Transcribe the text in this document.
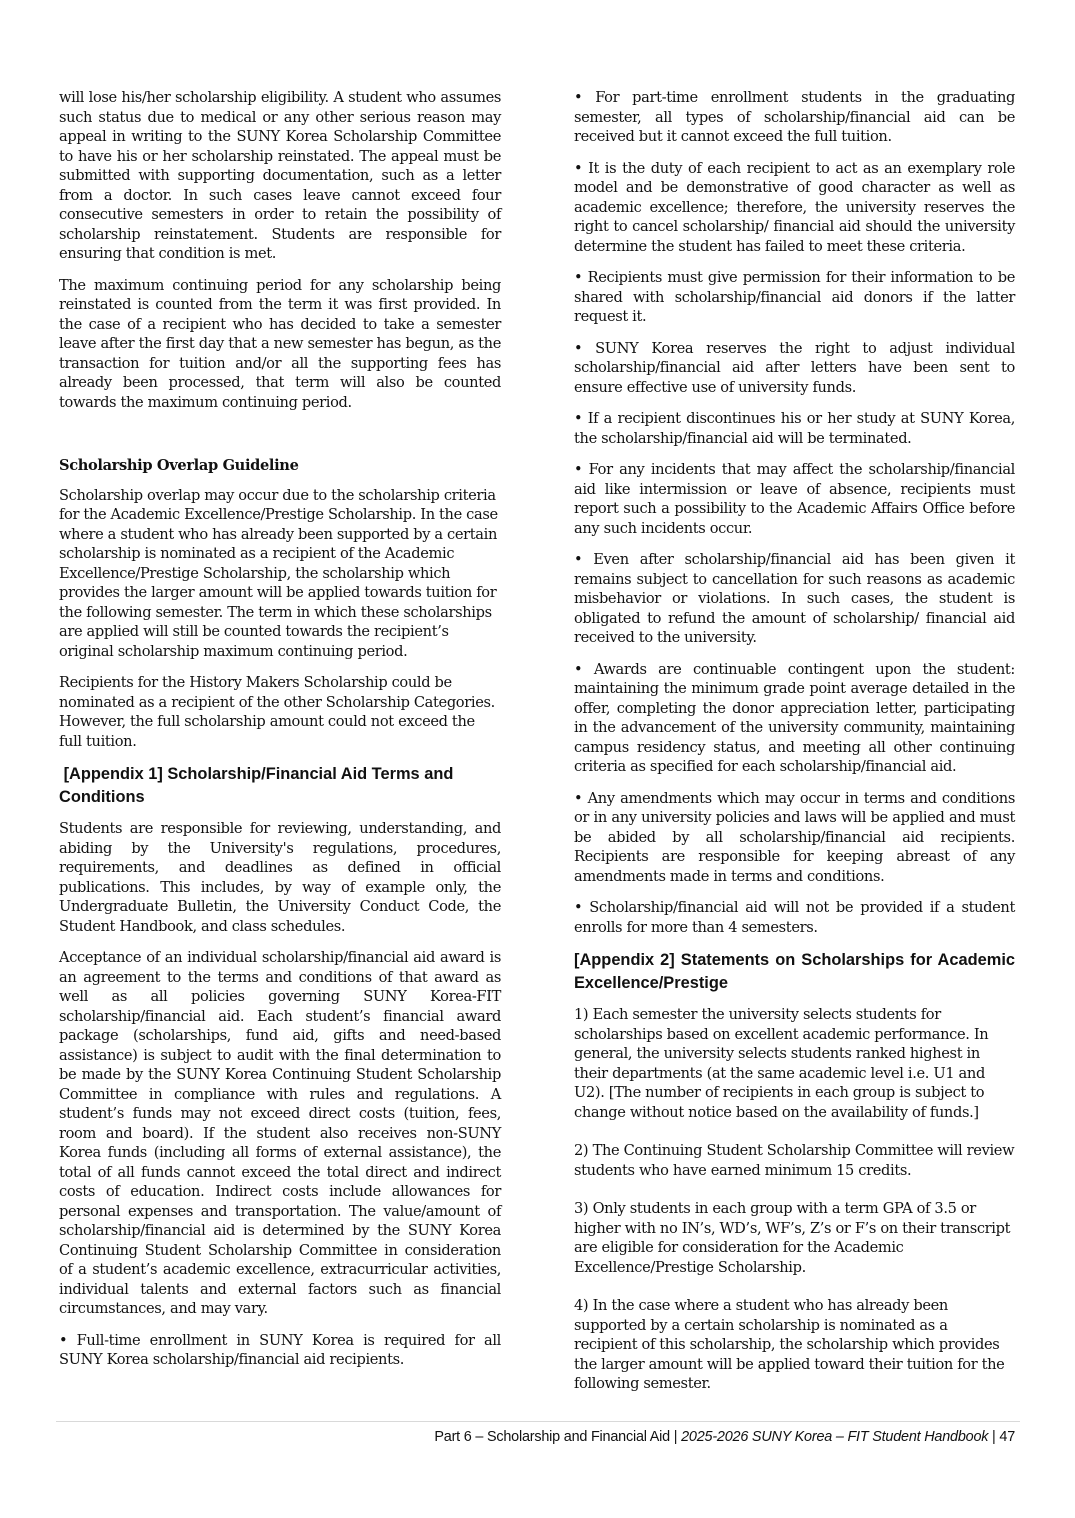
will lose his/her scholarship eligibility. A student who assumes such status due to medical or any other serious reason may appeal in writing to the SUNY Korea Scholarship Committee to have his or her scholarship reinstated. The appeal must be submitted with supporting documentation, such as a letter from a doctor. In such cases leave cannot exceed four consecutive semesters in order to retain the possibility of scholarship reinstatement. Students are responsible for ensuring that condition is met.

The maximum continuing period for any scholarship being reinstated is counted from the term it was first provided. In the case of a recipient who has decided to take a semester leave after the first day that a new semester has begun, as the transaction for tuition and/or all the supporting fees has already been processed, that term will also be counted towards the maximum continuing period.

Scholarship Overlap Guideline

Scholarship overlap may occur due to the scholarship criteria for the Academic Excellence/Prestige Scholarship. In the case where a student who has already been supported by a certain scholarship is nominated as a recipient of the Academic Excellence/Prestige Scholarship, the scholarship which provides the larger amount will be applied towards tuition for the following semester. The term in which these scholarships are applied will still be counted towards the recipient’s original scholarship maximum continuing period.

Recipients for the History Makers Scholarship could be nominated as a recipient of the other Scholarship Categories. However, the full scholarship amount could not exceed the full tuition.

[Appendix 1] Scholarship/Financial Aid Terms and Conditions

Students are responsible for reviewing, understanding, and abiding by the University's regulations, procedures, requirements, and deadlines as defined in official publications. This includes, by way of example only, the Undergraduate Bulletin, the University Conduct Code, the Student Handbook, and class schedules.

Acceptance of an individual scholarship/financial aid award is an agreement to the terms and conditions of that award as well as all policies governing SUNY Korea-FIT scholarship/financial aid. Each student’s financial award package (scholarships, fund aid, gifts and need-based assistance) is subject to audit with the final determination to be made by the SUNY Korea Continuing Student Scholarship Committee in compliance with rules and regulations. A student’s funds may not exceed direct costs (tuition, fees, room and board). If the student also receives non-SUNY Korea funds (including all forms of external assistance), the total of all funds cannot exceed the total direct and indirect costs of education. Indirect costs include allowances for personal expenses and transportation. The value/amount of scholarship/financial aid is determined by the SUNY Korea Continuing Student Scholarship Committee in consideration of a student’s academic excellence, extracurricular activities, individual talents and external factors such as financial circumstances, and may vary.

• Full-time enrollment in SUNY Korea is required for all SUNY Korea scholarship/financial aid recipients.

• For part-time enrollment students in the graduating semester, all types of scholarship/financial aid can be received but it cannot exceed the full tuition.

• It is the duty of each recipient to act as an exemplary role model and be demonstrative of good character as well as academic excellence; therefore, the university reserves the right to cancel scholarship/ financial aid should the university determine the student has failed to meet these criteria.

• Recipients must give permission for their information to be shared with scholarship/financial aid donors if the latter request it.

• SUNY Korea reserves the right to adjust individual scholarship/financial aid after letters have been sent to ensure effective use of university funds.

• If a recipient discontinues his or her study at SUNY Korea, the scholarship/financial aid will be terminated.

• For any incidents that may affect the scholarship/financial aid like intermission or leave of absence, recipients must report such a possibility to the Academic Affairs Office before any such incidents occur.

• Even after scholarship/financial aid has been given it remains subject to cancellation for such reasons as academic misbehavior or violations. In such cases, the student is obligated to refund the amount of scholarship/ financial aid received to the university.

• Awards are continuable contingent upon the student: maintaining the minimum grade point average detailed in the offer, completing the donor appreciation letter, participating in the advancement of the university community, maintaining campus residency status, and meeting all other continuing criteria as specified for each scholarship/financial aid.

• Any amendments which may occur in terms and conditions or in any university policies and laws will be applied and must be abided by all scholarship/financial aid recipients. Recipients are responsible for keeping abreast of any amendments made in terms and conditions.

• Scholarship/financial aid will not be provided if a student enrolls for more than 4 semesters.

[Appendix 2] Statements on Scholarships for Academic Excellence/Prestige

1) Each semester the university selects students for scholarships based on excellent academic performance. In general, the university selects students ranked highest in their departments (at the same academic level i.e. U1 and U2). [The number of recipients in each group is subject to change without notice based on the availability of funds.]

2) The Continuing Student Scholarship Committee will review students who have earned minimum 15 credits.

3) Only students in each group with a term GPA of 3.5 or higher with no IN’s, WD’s, WF’s, Z’s or F’s on their transcript are eligible for consideration for the Academic Excellence/Prestige Scholarship.

4) In the case where a student who has already been supported by a certain scholarship is nominated as a recipient of this scholarship, the scholarship which provides the larger amount will be applied toward their tuition for the following semester.

Part 6 – Scholarship and Financial Aid | 2025-2026 SUNY Korea – FIT Student Handbook | 47
